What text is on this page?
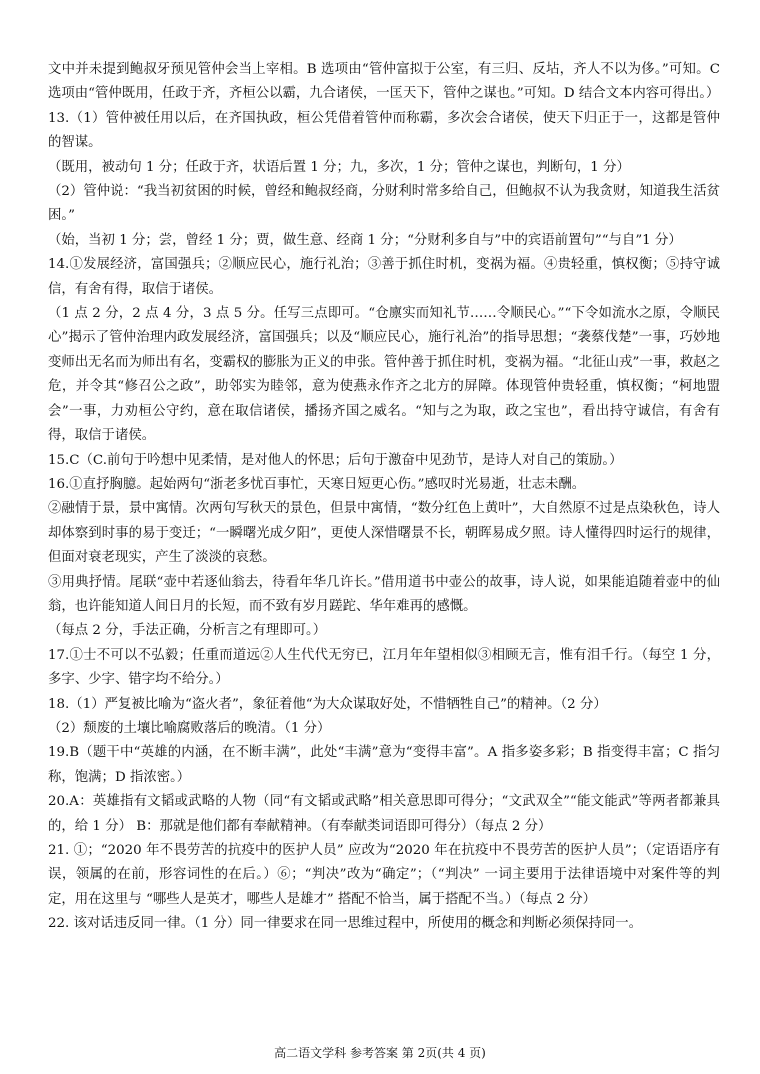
文中并未提到鲍叔牙预见管仲会当上宰相。B 选项由“管仲富拟于公室，有三归、反坫，齐人不以为侈。”可知。C 选项由“管仲既用，任政于齐，齐桓公以霸，九合诸侯，一匡天下，管仲之谋也。”可知。D 结合文本内容可得出。）

13.（1）管仲被任用以后，在齐国执政，桓公凭借着管仲而称霸，多次会合诸侯，使天下归正于一，这都是管仲的智谋。

（既用，被动句 1 分；任政于齐，状语后置 1 分；九，多次，1 分；管仲之谋也，判断句，1 分）

（2）管仲说：“我当初贫困的时候，曾经和鲍叔经商，分财利时常多给自己，但鲍叔不认为我贪财，知道我生活贫困。”

（始，当初 1 分；尝，曾经 1 分；贾，做生意、经商 1 分；“分财利多自与”中的宾语前置句”“与自”1 分）

14.①发展经济，富国强兵；②顺应民心，施行礼治；③善于抓住时机，变祸为福。④贵轻重，慎权衡；⑤持守诚信，有舍有得，取信于诸侯。

（1 点 2 分，2 点 4 分，3 点 5 分。任写三点即可。“仓廪实而知礼节……令顺民心。”“下令如流水之原，令顺民心”揭示了管仲治理内政发展经济，富国强兵；以及“顺应民心，施行礼治”的指导思想；“袭蔡伐楚”一事，巧妙地变师出无名而为师出有名，变霸权的膨胀为正义的申张。管仲善于抓住时机，变祸为福。“北征山戎”一事，救赵之危，并令其“修召公之政”，助邻实为睦邻，意为使燕永作齐之北方的屏障。体现管仲贵轻重，慎权衡；“柯地盟会”一事，力劝桓公守约，意在取信诸侯，播扬齐国之威名。“知与之为取，政之宝也”，看出持守诚信，有舍有得，取信于诸侯。

15.C（C.前句于吟想中见柔情，是对他人的怀思；后句于激奋中见劲节，是诗人对自己的策励。）

16.①直抒胸臆。起始两句“浙老多忧百事忙，天寒日短更心伤。”感叹时光易逝，壮志未酬。

②融情于景，景中寓情。次两句写秋天的景色，但景中寓情，“数分红色上黄叶”，大自然原不过是点染秋色，诗人却体察到时事的易于变迁；“一瞬曙光成夕阳”，更使人深惜曙景不长，朝晖易成夕照。诗人懂得四时运行的规律，但面对衰老现实，产生了淡淡的哀愁。

③用典抒情。尾联“壶中若逐仙翁去，待看年华几许长。”借用道书中壶公的故事，诗人说，如果能追随着壶中的仙翁，也许能知道人间日月的长短，而不致有岁月蹉跎、华年难再的感慨。

（每点 2 分，手法正确，分析言之有理即可。）

17.①士不可以不弘毅；任重而道远②人生代代无穷已，江月年年望相似③相顾无言，惟有泪千行。（每空 1 分，多字、少字、错字均不给分。）

18.（1）严复被比喻为“盗火者”，象征着他“为大众谋取好处，不惜牺牲自己”的精神。（2 分）

（2）颓废的土壤比喻腐败落后的晚清。（1 分）

19.B（题干中“英雄的内涵，在不断丰满”，此处“丰满”意为“变得丰富”。A 指多姿多彩；B 指变得丰富；C 指匀称，饱满；D 指浓密。）

20.A：英雄指有文韬或武略的人物（同“有文韬或武略”相关意思即可得分；“文武双全”“能文能武”等两者都兼具的，给 1 分） B：那就是他们都有奉献精神。（有奉献类词语即可得分）（每点 2 分）

21. ①；“2020 年不畏劳苦的抗疫中的医护人员” 应改为“2020 年在抗疫中不畏劳苦的医护人员”；（定语语序有误，领属的在前，形容词性的在后。）⑥；“判决”改为“确定”；（“判决” 一词主要用于法律语境中对案件等的判定，用在这里与 “哪些人是英才，哪些人是雄才” 搭配不恰当，属于搭配不当。）（每点 2 分）

22. 该对话违反同一律。（1 分）同一律要求在同一思维过程中，所使用的概念和判断必须保持同一。

高二语文学科 参考答案 第 2页(共 4 页)
